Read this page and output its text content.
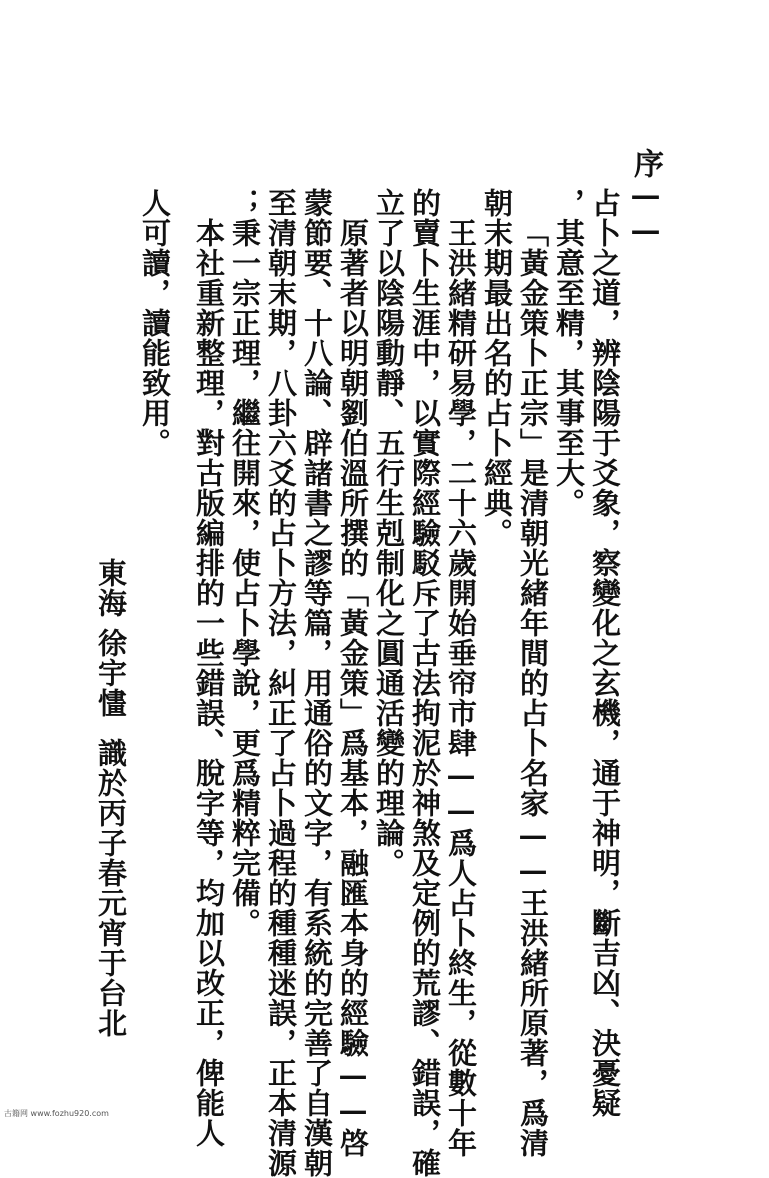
序——
占卜之道，辨陰陽于爻象，察變化之玄機，通于神明，斷吉凶、決憂疑
，其意至精，其事至大。
「黃金策卜正宗」是清朝光緒年間的占卜名家——王洪緒所原著，爲清
朝末期最出名的占卜經典。
王洪緒精研易學，二十六歲開始垂帘市肆——爲人占卜終生，從數十年
的賣卜生涯中，以實際經驗駁斥了古法拘泥於神煞及定例的荒謬、錯誤，確
立了以陰陽動靜、五行生剋制化之圓通活變的理論。
原著者以明朝劉伯溫所撰的「黃金策」爲基本，融匯本身的經驗——啓
蒙節要、十八論、辟諸書之謬等篇，用通俗的文字，有系統的完善了自漢朝
至清朝末期，八卦六爻的占卜方法，糾正了占卜過程的種種迷誤，正本清源
；秉一宗正理，繼往開來，使占卜學說，更爲精粹完備。
本社重新整理，對古版編排的一些錯誤、脫字等，均加以改正，俾能人
人可讀，讀能致用。
東海
徐宇㦎
識於丙子春元宵于台北
古籍网 www.fozhu920.com
